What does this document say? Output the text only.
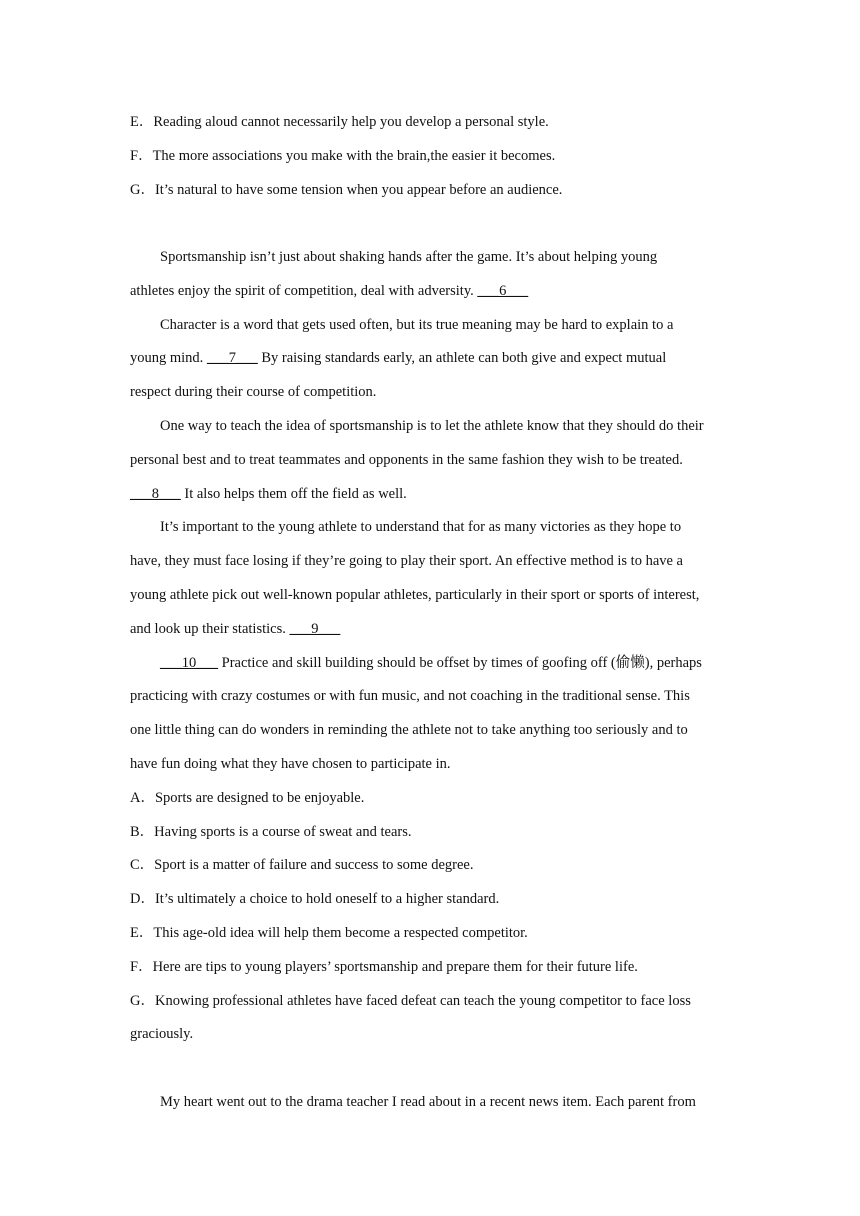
E．Reading aloud cannot necessarily help you develop a personal style.
F．The more associations you make with the brain,the easier it becomes.
G．It’s natural to have some tension when you appear before an audience.
Sportsmanship isn’t just about shaking hands after the game. It’s about helping young
athletes enjoy the spirit of competition, deal with adversity. ___6___
Character is a word that gets used often, but its true meaning may be hard to explain to a
young mind. ___7___ By raising standards early, an athlete can both give and expect mutual
respect during their course of competition.
One way to teach the idea of sportsmanship is to let the athlete know that they should do their
personal best and to treat teammates and opponents in the same fashion they wish to be treated.
___8___ It also helps them off the field as well.
It’s important to the young athlete to understand that for as many victories as they hope to
have, they must face losing if they’re going to play their sport. An effective method is to have a
young athlete pick out well-known popular athletes, particularly in their sport or sports of interest,
and look up their statistics. ___9___
___10___ Practice and skill building should be offset by times of goofing off (偷懒), perhaps
practicing with crazy costumes or with fun music, and not coaching in the traditional sense. This
one little thing can do wonders in reminding the athlete not to take anything too seriously and to
have fun doing what they have chosen to participate in.
A．Sports are designed to be enjoyable.
B．Having sports is a course of sweat and tears.
C．Sport is a matter of failure and success to some degree.
D．It’s ultimately a choice to hold oneself to a higher standard.
E．This age-old idea will help them become a respected competitor.
F．Here are tips to young players’ sportsmanship and prepare them for their future life.
G．Knowing professional athletes have faced defeat can teach the young competitor to face loss
graciously.
My heart went out to the drama teacher I read about in a recent news item. Each parent from
